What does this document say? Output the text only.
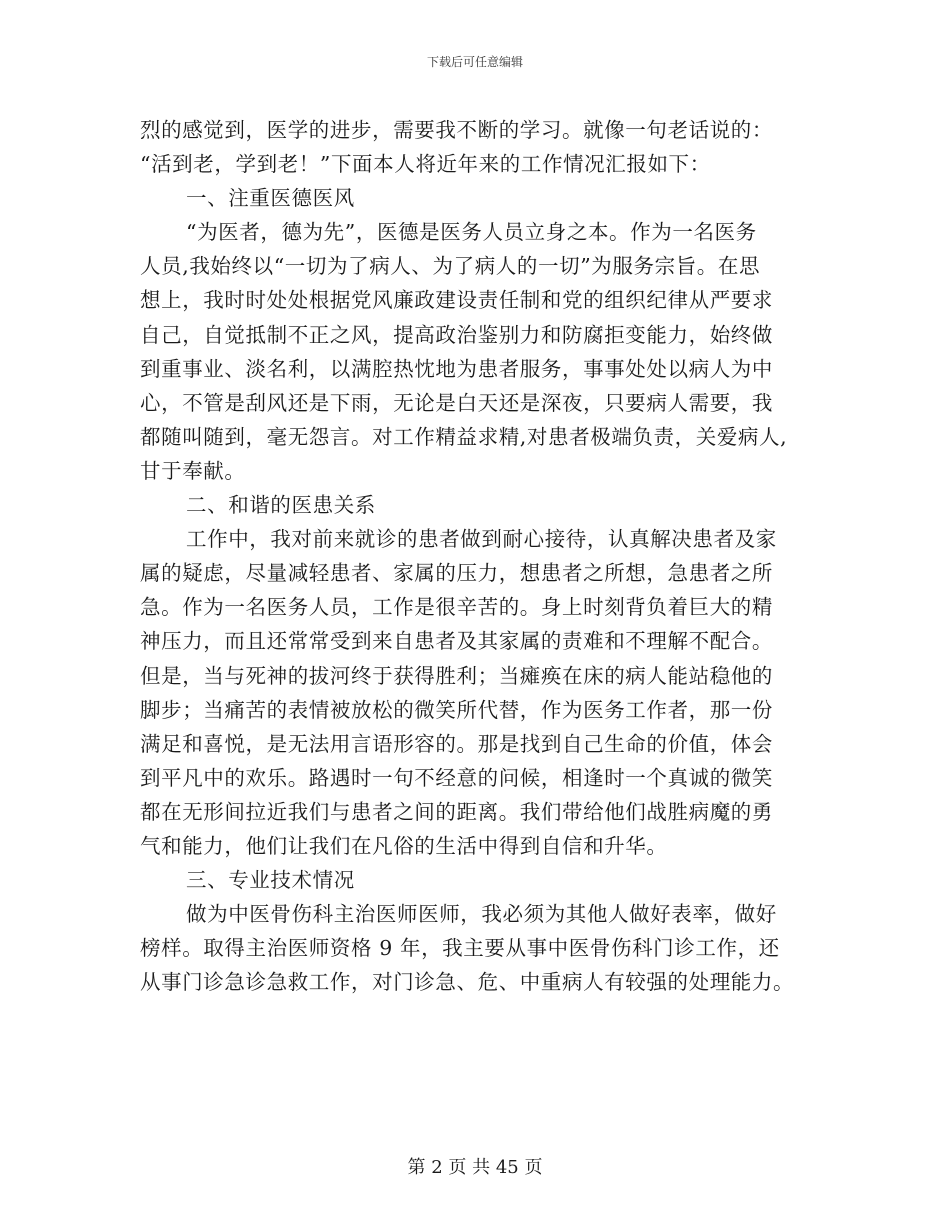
下载后可任意编辑
烈的感觉到，医学的进步，需要我不断的学习。就像一句老话说的：
“活到老，学到老！”下面本人将近年来的工作情况汇报如下：
一、注重医德医风
“为医者，德为先”，医德是医务人员立身之本。作为一名医务
人员,我始终以“一切为了病人、为了病人的一切”为服务宗旨。在思
想上，我时时处处根据党风廉政建设责任制和党的组织纪律从严要求
自己，自觉抵制不正之风，提高政治鉴别力和防腐拒变能力，始终做
到重事业、淡名利，以满腔热忱地为患者服务，事事处处以病人为中
心，不管是刮风还是下雨，无论是白天还是深夜，只要病人需要，我
都随叫随到，毫无怨言。对工作精益求精,对患者极端负责，关爱病人,
甘于奉献。
二、和谐的医患关系
工作中，我对前来就诊的患者做到耐心接待，认真解决患者及家
属的疑虑，尽量减轻患者、家属的压力，想患者之所想，急患者之所
急。作为一名医务人员，工作是很辛苦的。身上时刻背负着巨大的精
神压力，而且还常常受到来自患者及其家属的责难和不理解不配合。
但是，当与死神的拔河终于获得胜利；当瘫痪在床的病人能站稳他的
脚步；当痛苦的表情被放松的微笑所代替，作为医务工作者，那一份
满足和喜悦，是无法用言语形容的。那是找到自己生命的价值，体会
到平凡中的欢乐。路遇时一句不经意的问候，相逢时一个真诚的微笑
都在无形间拉近我们与患者之间的距离。我们带给他们战胜病魔的勇
气和能力，他们让我们在凡俗的生活中得到自信和升华。
三、专业技术情况
做为中医骨伤科主治医师医师，我必须为其他人做好表率，做好
榜样。取得主治医师资格 9 年，我主要从事中医骨伤科门诊工作，还
从事门诊急诊急救工作，对门诊急、危、中重病人有较强的处理能力。
第 2 页 共 45 页
